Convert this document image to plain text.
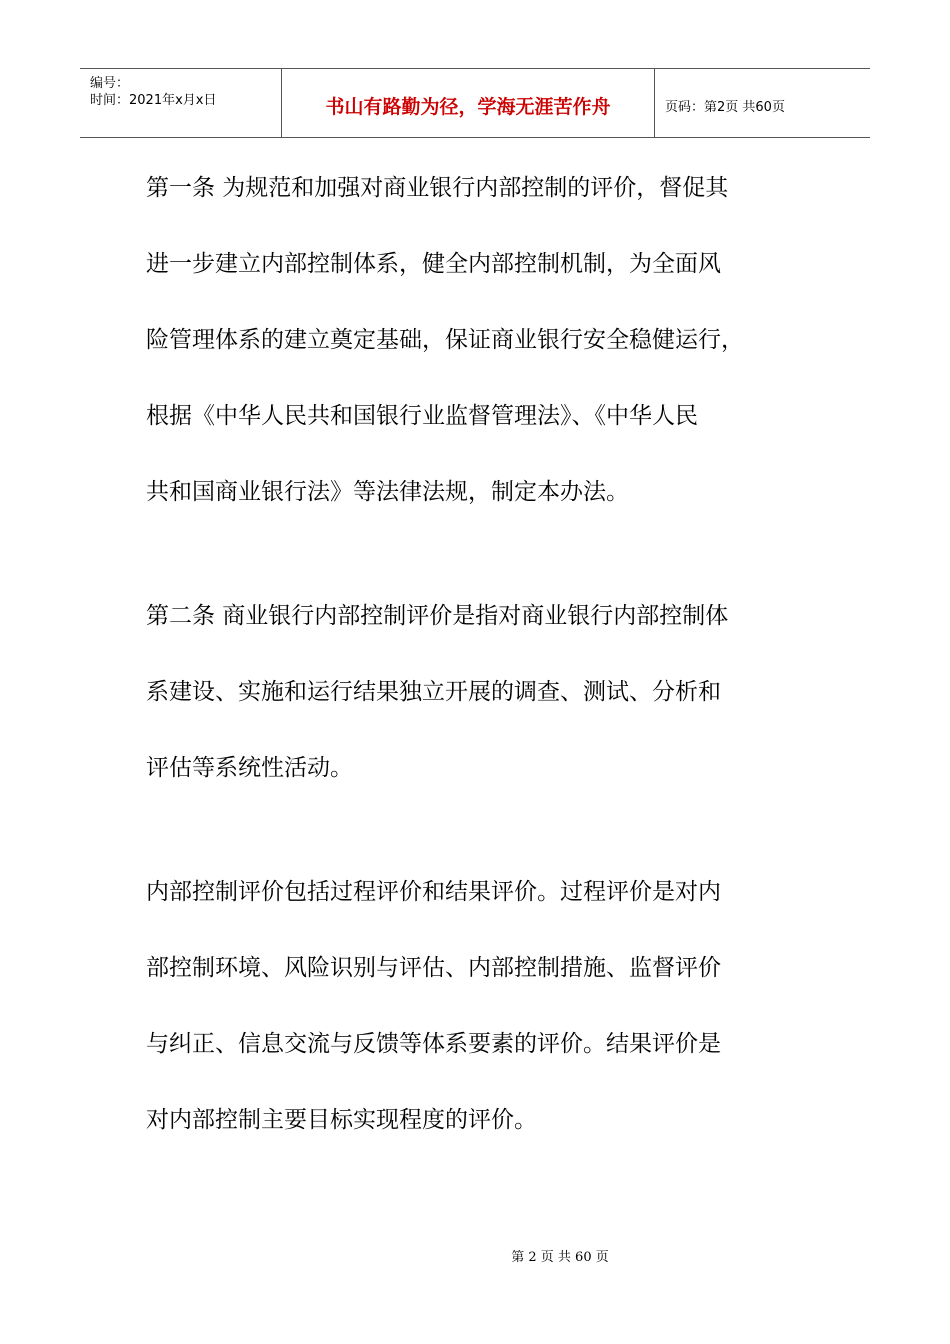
编号：
时间：2021年x月x日	书山有路勤为径，学海无涯苦作舟	页码：第2页 共60页

第一条 为规范和加强对商业银行内部控制的评价，督促其

进一步建立内部控制体系，健全内部控制机制，为全面风

险管理体系的建立奠定基础，保证商业银行安全稳健运行，

根据《中华人民共和国银行业监督管理法》、《中华人民

共和国商业银行法》等法律法规，制定本办法。

第二条 商业银行内部控制评价是指对商业银行内部控制体

系建设、实施和运行结果独立开展的调查、测试、分析和

评估等系统性活动。

内部控制评价包括过程评价和结果评价。过程评价是对内

部控制环境、风险识别与评估、内部控制措施、监督评价

与纠正、信息交流与反馈等体系要素的评价。结果评价是

对内部控制主要目标实现程度的评价。

第 2 页 共 60 页
